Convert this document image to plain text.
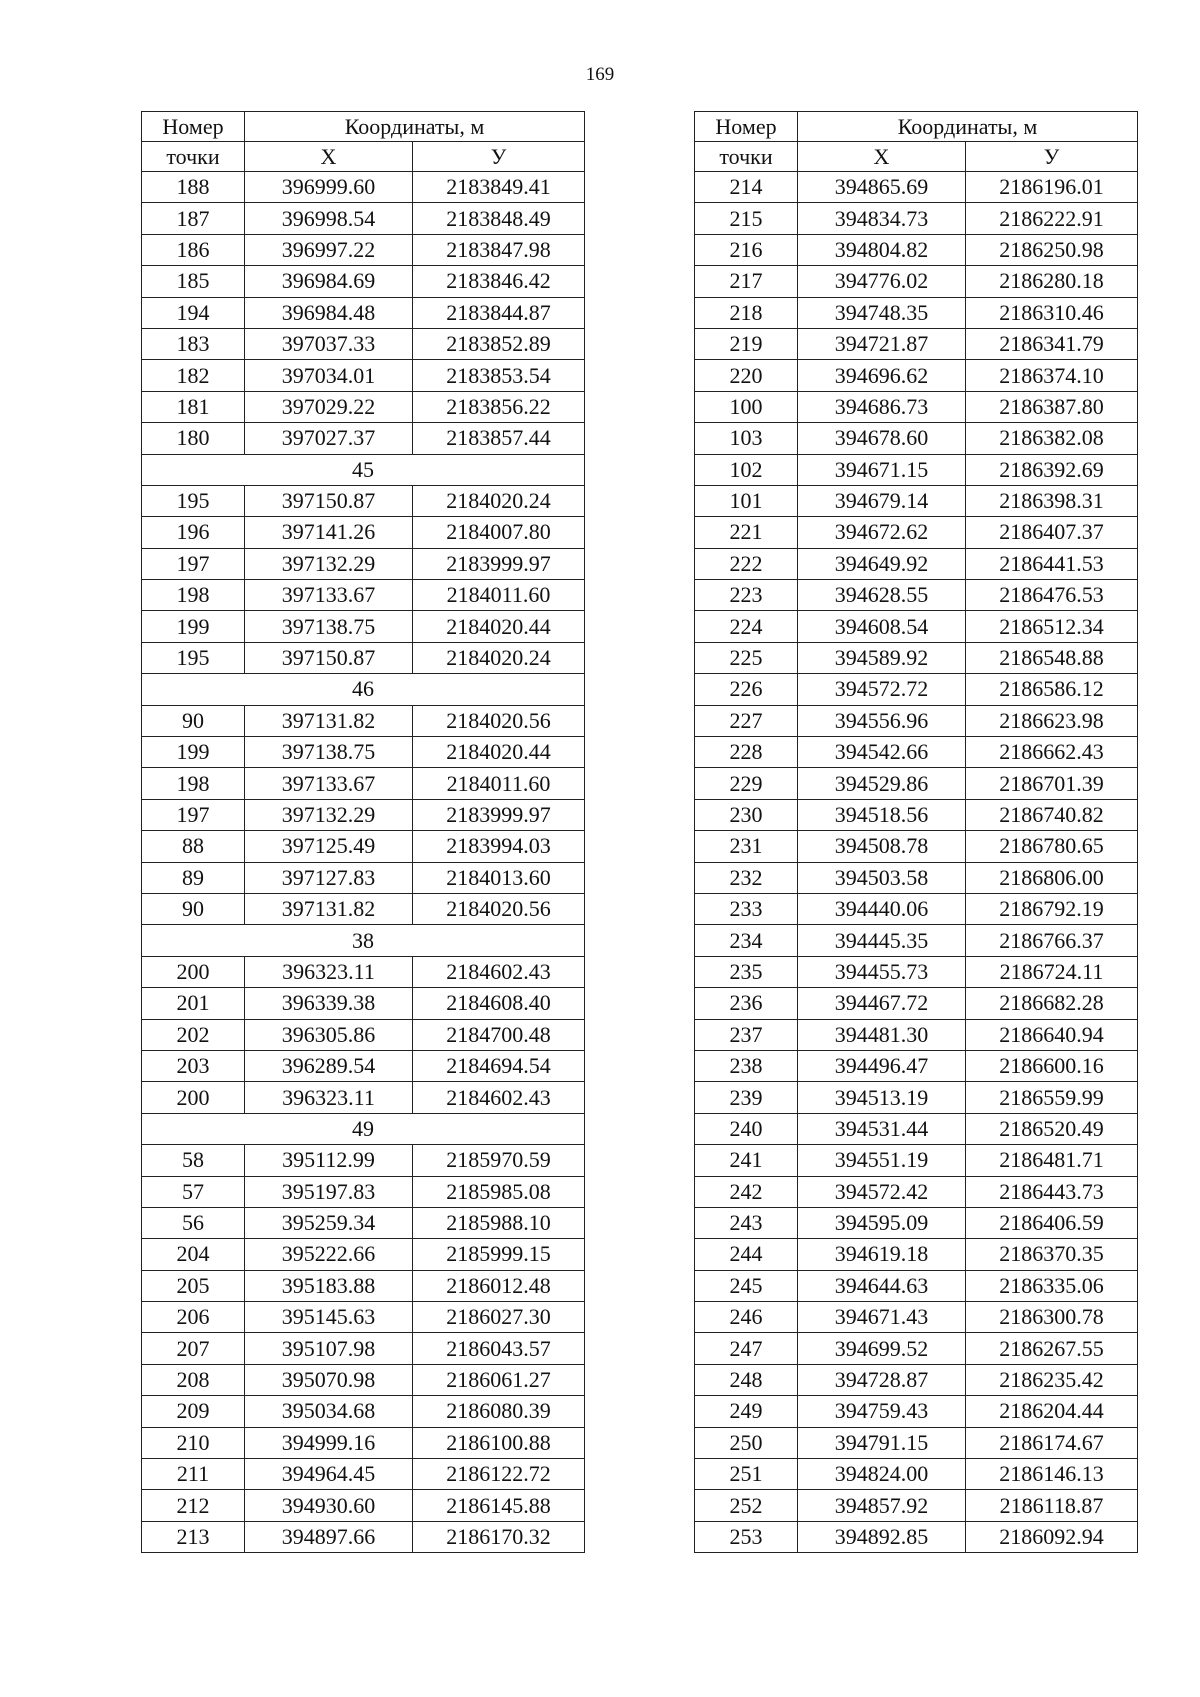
169
Номер	Координаты, м	
точки	X	У
188	396999.60	2183849.41
187	396998.54	2183848.49
186	396997.22	2183847.98
185	396984.69	2183846.42
194	396984.48	2183844.87
183	397037.33	2183852.89
182	397034.01	2183853.54
181	397029.22	2183856.22
180	397027.37	2183857.44
45		
195	397150.87	2184020.24
196	397141.26	2184007.80
197	397132.29	2183999.97
198	397133.67	2184011.60
199	397138.75	2184020.44
195	397150.87	2184020.24
46		
90	397131.82	2184020.56
199	397138.75	2184020.44
198	397133.67	2184011.60
197	397132.29	2183999.97
88	397125.49	2183994.03
89	397127.83	2184013.60
90	397131.82	2184020.56
38		
200	396323.11	2184602.43
201	396339.38	2184608.40
202	396305.86	2184700.48
203	396289.54	2184694.54
200	396323.11	2184602.43
49		
58	395112.99	2185970.59
57	395197.83	2185985.08
56	395259.34	2185988.10
204	395222.66	2185999.15
205	395183.88	2186012.48
206	395145.63	2186027.30
207	395107.98	2186043.57
208	395070.98	2186061.27
209	395034.68	2186080.39
210	394999.16	2186100.88
211	394964.45	2186122.72
212	394930.60	2186145.88
213	394897.66	2186170.32
Номер	Координаты, м	
точки	X	У
214	394865.69	2186196.01
215	394834.73	2186222.91
216	394804.82	2186250.98
217	394776.02	2186280.18
218	394748.35	2186310.46
219	394721.87	2186341.79
220	394696.62	2186374.10
100	394686.73	2186387.80
103	394678.60	2186382.08
102	394671.15	2186392.69
101	394679.14	2186398.31
221	394672.62	2186407.37
222	394649.92	2186441.53
223	394628.55	2186476.53
224	394608.54	2186512.34
225	394589.92	2186548.88
226	394572.72	2186586.12
227	394556.96	2186623.98
228	394542.66	2186662.43
229	394529.86	2186701.39
230	394518.56	2186740.82
231	394508.78	2186780.65
232	394503.58	2186806.00
233	394440.06	2186792.19
234	394445.35	2186766.37
235	394455.73	2186724.11
236	394467.72	2186682.28
237	394481.30	2186640.94
238	394496.47	2186600.16
239	394513.19	2186559.99
240	394531.44	2186520.49
241	394551.19	2186481.71
242	394572.42	2186443.73
243	394595.09	2186406.59
244	394619.18	2186370.35
245	394644.63	2186335.06
246	394671.43	2186300.78
247	394699.52	2186267.55
248	394728.87	2186235.42
249	394759.43	2186204.44
250	394791.15	2186174.67
251	394824.00	2186146.13
252	394857.92	2186118.87
253	394892.85	2186092.94
